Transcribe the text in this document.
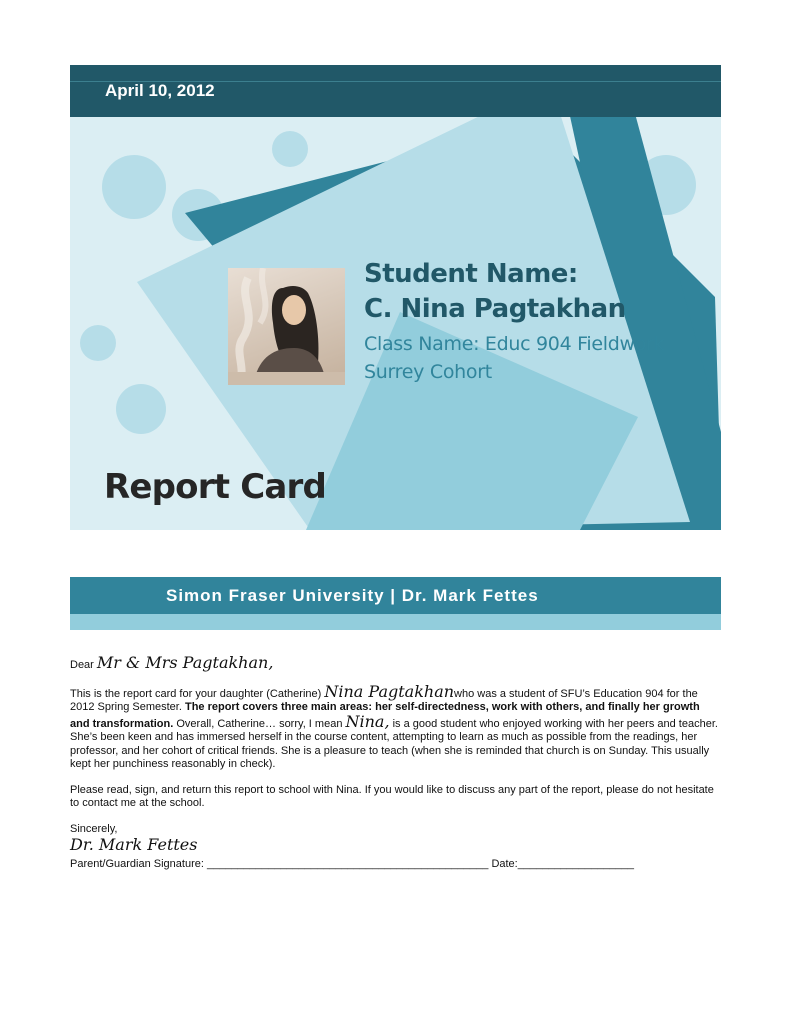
April 10, 2012
Student Name:
C. Nina Pagtakhan
Class Name: Educ 904 Fieldwork
Surrey Cohort
Report Card
Simon Fraser University | Dr. Mark Fettes

Dear Mr & Mrs Pagtakhan,

This is the report card for your daughter (Catherine) Nina Pagtakhanwho was a student of SFU’s Education 904 for the 2012 Spring Semester. The report covers three main areas: her self-directedness, work with others, and finally her growth and transformation. Overall, Catherine… sorry, I mean Nina, is a good student who enjoyed working with her peers and teacher. She’s been keen and has immersed herself in the course content, attempting to learn as much as possible from the readings, her professor, and her cohort of critical friends. She is a pleasure to teach (when she is reminded that church is on Sunday. This usually kept her punchiness reasonably in check).

Please read, sign, and return this report to school with Nina. If you would like to discuss any part of the report, please do not hesitate to contact me at the school.

Sincerely,
Dr. Mark Fettes

Parent/Guardian Signature: ______________________________________________ Date:___________________
